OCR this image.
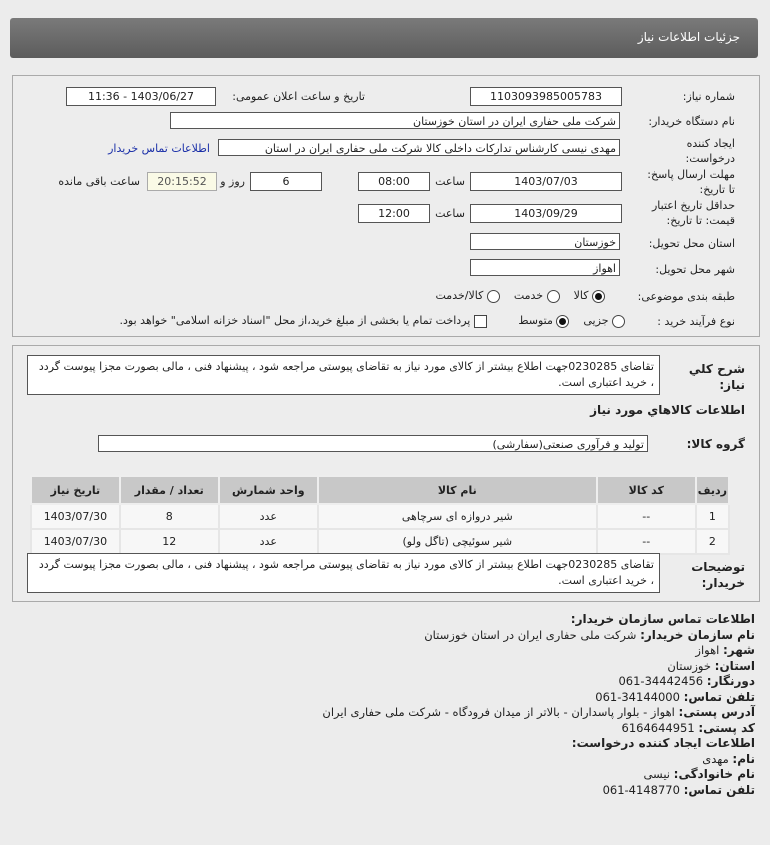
جزئیات اطلاعات نیاز
شماره نیاز:
1103093985005783
تاریخ و ساعت اعلان عمومی:
1403/06/27 - 11:36
نام دستگاه خریدار:
شرکت ملی حفاری ایران در استان خوزستان
ایجاد کننده
درخواست:
مهدی نیسی کارشناس تدارکات داخلی کالا شرکت ملی حفاری ایران در استان
اطلاعات تماس خریدار
مهلت ارسال پاسخ:
تا تاریخ:
1403/07/03
ساعت
08:00
6
روز و
20:15:52
ساعت باقی مانده
حداقل تاریخ اعتبار
قیمت: تا تاریخ:
1403/09/29
ساعت
12:00
استان محل تحویل:
خوزستان
شهر محل تحویل:
اهواز
طبقه بندی موضوعی:
کالا     خدمت     کالا/خدمت
نوع فرآیند خرید :
جزیی     متوسط          پرداخت تمام یا بخشی از مبلغ خرید،از محل "اسناد خزانه اسلامی" خواهد بود.
شرح کلي
نیاز:
تقاضای 0230285جهت اطلاع بیشتر از کالای مورد نیاز به تقاضای پیوستی مراجعه شود ، پیشنهاد فنی ، مالی بصورت مجزا پیوست گردد ، خرید اعتباری است.
اطلاعات کالاهاي مورد نياز
گروه کالا:
تولید و فرآوری صنعتی(سفارشی)
ردیف	کد کالا	نام کالا	واحد شمارش	تعداد / مقدار	تاریخ نیاز
1	--	شیر دروازه ای سرچاهی	عدد	8	1403/07/30
2	--	شیر سوئیچی (تاگل ولو)	عدد	12	1403/07/30
توضیحات
خریدار:
تقاضای 0230285جهت اطلاع بیشتر از کالای مورد نیاز به تقاضای پیوستی مراجعه شود ، پیشنهاد فنی ، مالی بصورت مجزا پیوست گردد ، خرید اعتباری است.
اطلاعات تماس سازمان خریدار:
نام سازمان خریدار: شرکت ملی حفاری ایران در استان خوزستان
شهر: اهواز
استان: خوزستان
دورنگار: 061-34442456
تلفن تماس: 061-34144000
آدرس پستی: اهواز - بلوار پاسداران - بالاتر از میدان فرودگاه - شرکت ملی حفاری ایران
کد پستی: 6164644951
اطلاعات ایجاد کننده درخواست:
نام: مهدی
نام خانوادگی: نیسی
تلفن تماس: 061-4148770
